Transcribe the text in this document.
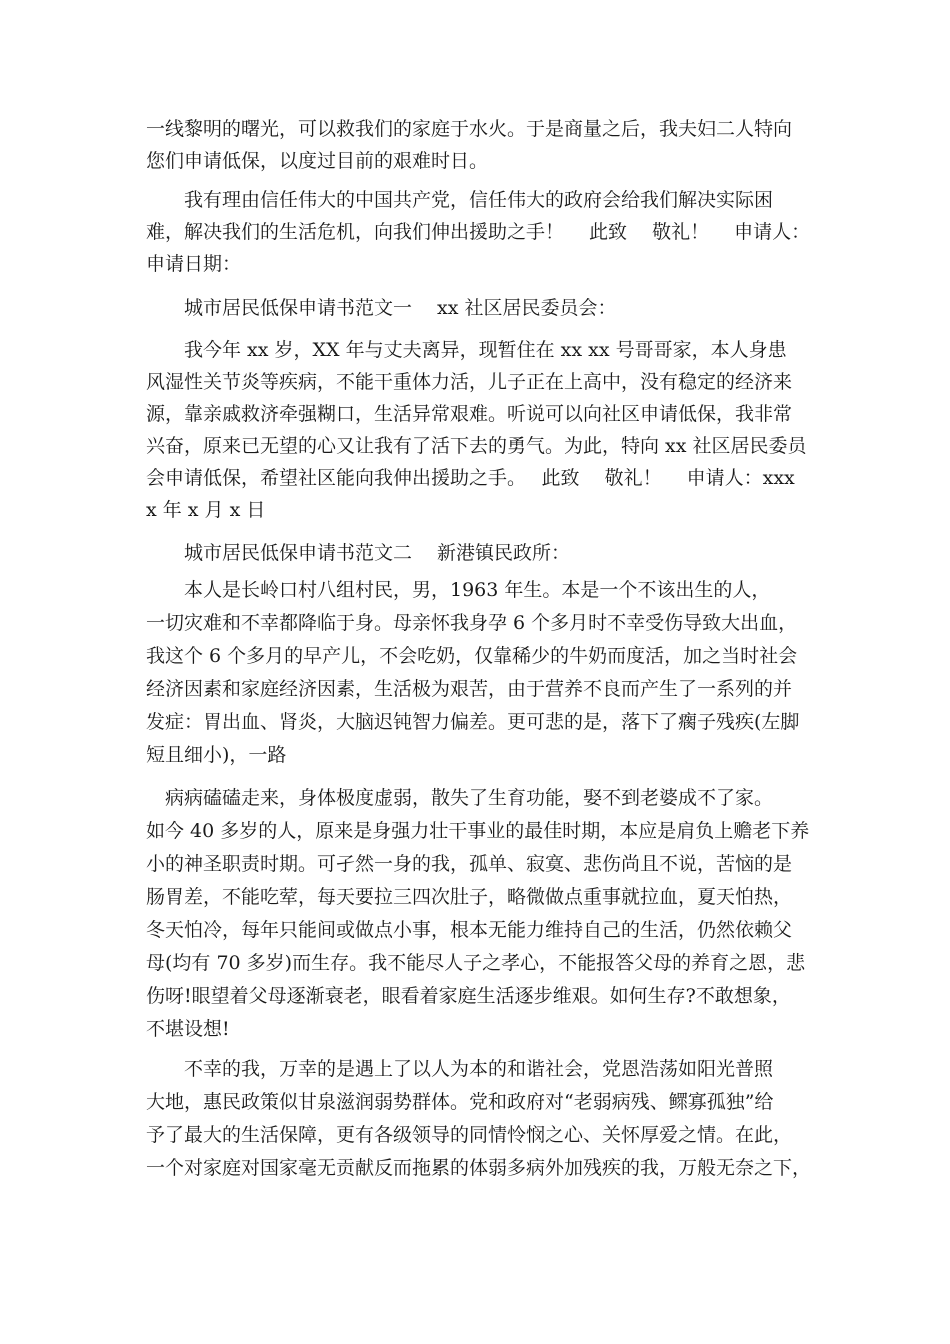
一线黎明的曙光，可以救我们的家庭于水火。于是商量之后，我夫妇二人特向

您们申请低保，以度过目前的艰难时日。

　　我有理由信任伟大的中国共产党，信任伟大的政府会给我们解决实际困

难，解决我们的生活危机，向我们伸出援助之手！　 此致　 敬礼！　 申请人：

申请日期：

　　城市居民低保申请书范文一　 xx 社区居民委员会：

　　我今年 xx 岁，XX 年与丈夫离异，现暂住在 xx xx 号哥哥家，本人身患

风湿性关节炎等疾病，不能干重体力活，儿子正在上高中，没有稳定的经济来

源，靠亲戚救济牵强糊口，生活异常艰难。听说可以向社区申请低保，我非常

兴奋，原来已无望的心又让我有了活下去的勇气。为此，特向 xx 社区居民委员

会申请低保，希望社区能向我伸出援助之手。　 此致　 敬礼！　 申请人：xxx

x 年 x 月 x 日

　　城市居民低保申请书范文二　 新港镇民政所：

　　本人是长岭口村八组村民，男，1963 年生。本是一个不该出生的人，

一切灾难和不幸都降临于身。母亲怀我身孕 6 个多月时不幸受伤导致大出血，

我这个 6 个多月的早产儿，不会吃奶，仅靠稀少的牛奶而度活，加之当时社会

经济因素和家庭经济因素，生活极为艰苦，由于营养不良而产生了一系列的并

发症：胃出血、肾炎，大脑迟钝智力偏差。更可悲的是，落下了瘸子残疾(左脚

短且细小)，一路

　病病磕磕走来，身体极度虚弱，散失了生育功能，娶不到老婆成不了家。

如今 40 多岁的人，原来是身强力壮干事业的最佳时期，本应是肩负上赡老下养

小的神圣职责时期。可孑然一身的我，孤单、寂寞、悲伤尚且不说，苦恼的是

肠胃差，不能吃荤，每天要拉三四次肚子，略微做点重事就拉血，夏天怕热，

冬天怕冷，每年只能间或做点小事，根本无能力维持自己的生活，仍然依赖父

母(均有 70 多岁)而生存。我不能尽人子之孝心，不能报答父母的养育之恩，悲

伤呀!眼望着父母逐渐衰老，眼看着家庭生活逐步维艰。如何生存?不敢想象，

不堪设想!

　　不幸的我，万幸的是遇上了以人为本的和谐社会，党恩浩荡如阳光普照

大地，惠民政策似甘泉滋润弱势群体。党和政府对“老弱病残、鳏寡孤独”给

予了最大的生活保障，更有各级领导的同情怜悯之心、关怀厚爱之情。在此，

一个对家庭对国家毫无贡献反而拖累的体弱多病外加残疾的我，万般无奈之下，
